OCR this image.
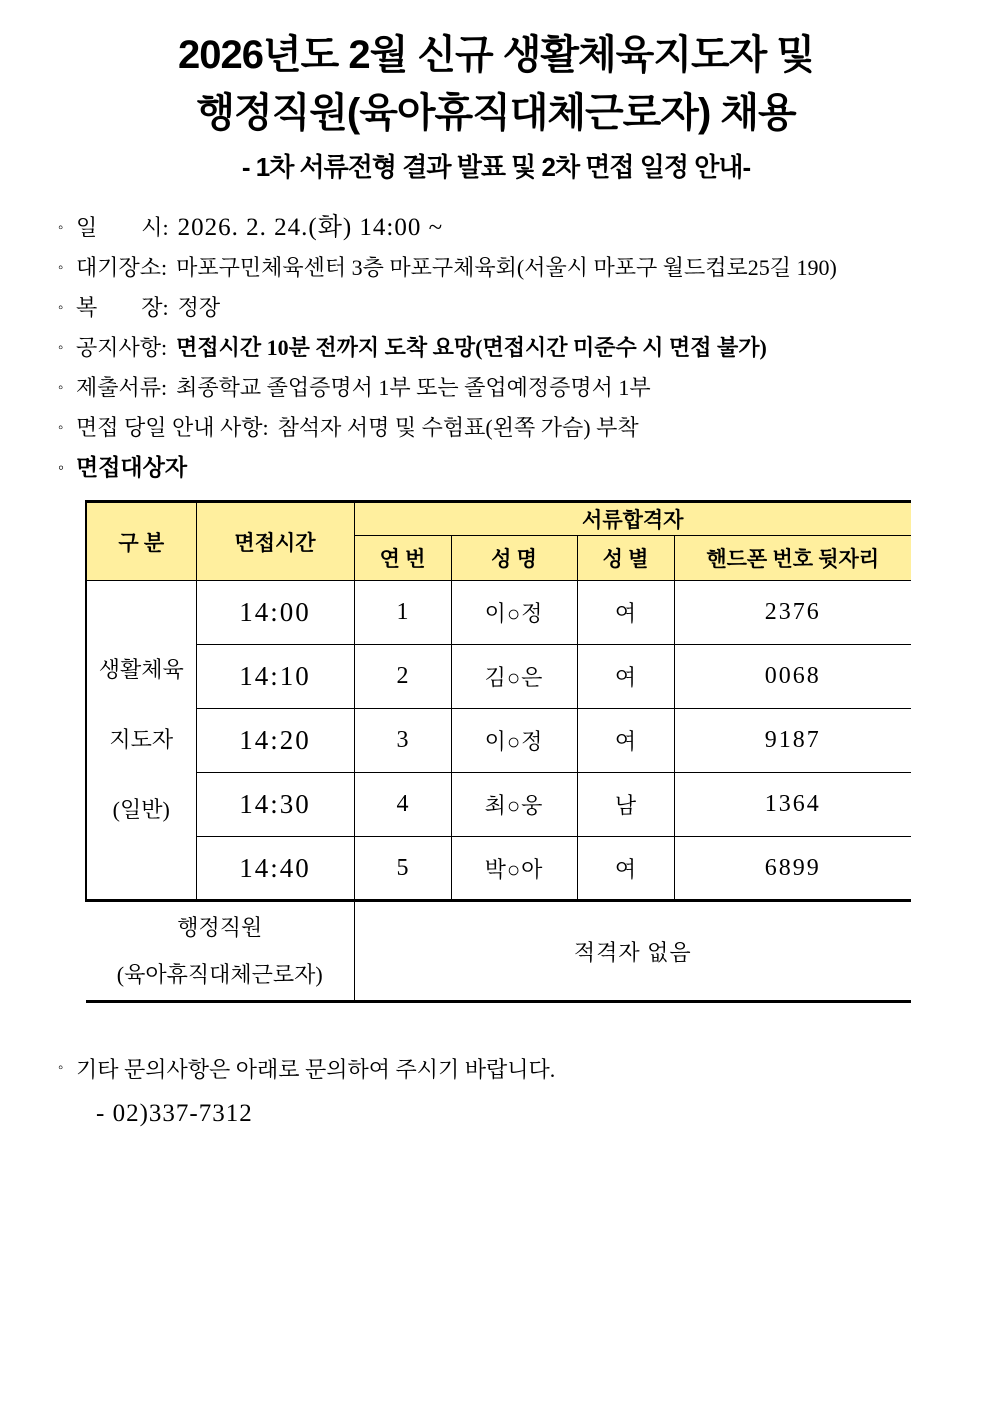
2026년도 2월 신규 생활체육지도자 및
행정직원(육아휴직대체근로자) 채용
- 1차 서류전형 결과 발표 및 2차 면접 일정 안내-
◦ 일　　시: 2026. 2. 24.(화) 14:00 ~
◦ 대기장소: 마포구민체육센터 3층 마포구체육회(서울시 마포구 월드컵로25길 190)
◦ 복　　장: 정장
◦ 공지사항: 면접시간 10분 전까지 도착 요망(면접시간 미준수 시 면접 불가)
◦ 제출서류: 최종학교 졸업증명서 1부 또는 졸업예정증명서 1부
◦ 면접 당일 안내 사항: 참석자 서명 및 수험표(왼쪽 가슴) 부착
◦ 면접대상자
구 분	면접시간	서류합격자			
		연 번	성 명	성 별	핸드폰 번호 뒷자리

생활체육
지도자
(일반)	14:00	1	이○정	여	2376
	14:10	2	김○은	여	0068
	14:20	3	이○정	여	9187
	14:30	4	최○웅	남	1364
	14:40	5	박○아	여	6899

행정직원
(육아휴직대체근로자)		적격자 없음			
◦ 기타 문의사항은 아래로 문의하여 주시기 바랍니다.
- 02)337-7312
